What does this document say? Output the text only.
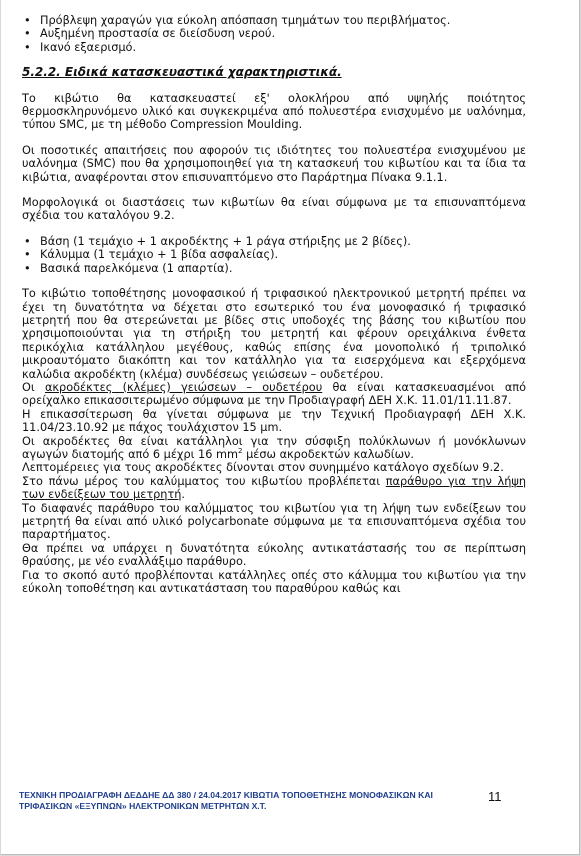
• Πρόβλεψη χαραγών για εύκολη απόσπαση τμημάτων του περιβλήματος.
• Αυξημένη προστασία σε διείσδυση νερού.
• Ικανό εξαερισμό.
5.2.2. Ειδικά κατασκευαστικά χαρακτηριστικά.

Το κιβώτιο θα κατασκευαστεί εξ' ολοκλήρου από υψηλής ποιότητος θερμοσκληρυνόμενο υλικό και συγκεκριμένα από πολυεστέρα ενισχυμένο με υαλόνημα, τύπου SMC, με τη μέθοδο Compression Moulding.

Οι ποσοτικές απαιτήσεις που αφορούν τις ιδιότητες του πολυεστέρα ενισχυμένου με υαλόνημα (SMC) που θα χρησιμοποιηθεί για τη κατασκευή του κιβωτίου και τα ίδια τα κιβώτια, αναφέρονται στον επισυναπτόμενο στο Παράρτημα Πίνακα 9.1.1.

Μορφολογικά οι διαστάσεις των κιβωτίων θα είναι σύμφωνα με τα επισυναπτόμενα σχέδια του καταλόγου 9.2.

• Βάση (1 τεμάχιο + 1 ακροδέκτης + 1 ράγα στήριξης με 2 βίδες).
• Κάλυμμα (1 τεμάχιο + 1 βίδα ασφαλείας).
• Βασικά παρελκόμενα (1 απαρτία).

Το κιβώτιο τοποθέτησης μονοφασικού ή τριφασικού ηλεκτρονικού μετρητή πρέπει να έχει τη δυνατότητα να δέχεται στο εσωτερικό του ένα μονοφασικό ή τριφασικό μετρητή που θα στερεώνεται με βίδες στις υποδοχές της βάσης του κιβωτίου που χρησιμοποιούνται για τη στήριξη του μετρητή και φέρουν ορειχάλκινα ένθετα περικόχλια κατάλληλου μεγέθους, καθώς επίσης ένα μονοπολικό ή τριπολικό μικροαυτόματο διακόπτη και τον κατάλληλο για τα εισερχόμενα και εξερχόμενα καλώδια ακροδέκτη (κλέμα) συνδέσεως γειώσεων – ουδετέρου.

Οι ακροδέκτες (κλέμες) γειώσεων – ουδετέρου θα είναι κατασκευασμένοι από ορείχαλκο επικασσιτερωμένο σύμφωνα με την Προδιαγραφή ΔΕΗ Χ.Κ. 11.01/11.11.87.

Η επικασσίτερωση θα γίνεται σύμφωνα με την Τεχνική Προδιαγραφή ΔΕΗ Χ.Κ. 11.04/23.10.92 με πάχος τουλάχιστον 15 μm.

Οι ακροδέκτες θα είναι κατάλληλοι για την σύσφιξη πολύκλωνων ή μονόκλωνων αγωγών διατομής από 6 μέχρι 16 $mm^2$ μέσω ακροδεκτών καλωδίων.

Λεπτομέρειες για τους ακροδέκτες δίνονται στον συνημμένο κατάλογο σχεδίων 9.2.

Στο πάνω μέρος του καλύμματος του κιβωτίου προβλέπεται παράθυρο για την λήψη των ενδείξεων του μετρητή.

Το διαφανές παράθυρο του καλύμματος του κιβωτίου για τη λήψη των ενδείξεων του μετρητή θα είναι από υλικό polycarbonate σύμφωνα με τα επισυναπτόμενα σχέδια του παραρτήματος.

Θα πρέπει να υπάρχει η δυνατότητα εύκολης αντικατάστασής του σε περίπτωση θραύσης, με νέο εναλλάξιμο παράθυρο.

Για το σκοπό αυτό προβλέπονται κατάλληλες οπές στο κάλυμμα του κιβωτίου για την εύκολη τοποθέτηση και αντικατάσταση του παραθύρου καθώς και

ΤΕΧΝΙΚΗ ΠΡΟΔΙΑΓΡΑΦΗ ΔΕΔΔΗΕ ΔΔ 380 / 24.04.2017 ΚΙΒΩΤΙΑ ΤΟΠΟΘΕΤΗΣΗΣ ΜΟΝΟΦΑΣΙΚΩΝ ΚΑΙ
ΤΡΙΦΑΣΙΚΩΝ «ΕΞΥΠΝΩΝ» ΗΛΕΚΤΡΟΝΙΚΩΝ ΜΕΤΡΗΤΩΝ Χ.Τ.
11
